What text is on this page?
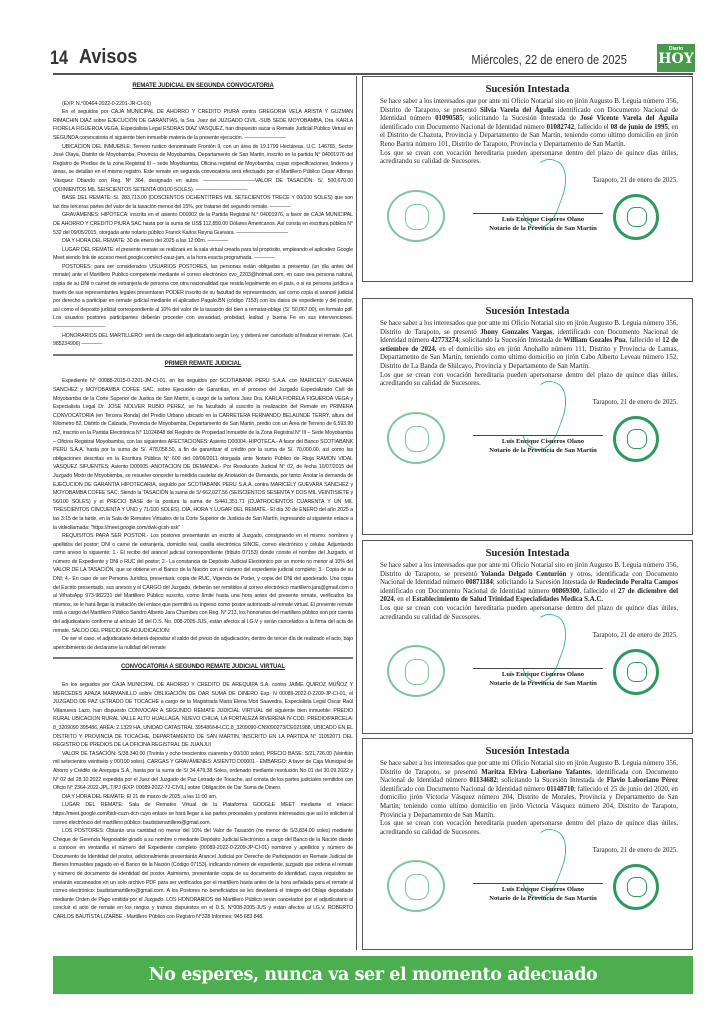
14 Avisos	Miércoles, 22 de enero de 2025
Diario
HOY
REMATE JUDICIAL EN SEGUNDA CONVOCATORIA

(EXP. N.°00464-2022-0-2201-JR-CI-01)

En el seguidos por CAJA MUNICIPAL DE AHORRO Y CREDITO PIURA contra GREGORIA VELA ARISTA Y GUZMAN RIMACHIN DIAZ sobre EJECUCIÓN DE GARANTÍAS, la Sra. Juez del JUZGADO CIVIL -SUB SEDE MOYOBAMBA, Dra. KARLA FIORELA FIGUEROA VEGA, Especialista Legal ESDRAS DIAZ VASQUEZ, han dispuesto sacar a Remate Judicial Público Virtual en SEGUNDA convocatoria el siguiente bien inmueble materia de la presente ejecución. ————————

UBICACION DEL INMUEBLE: Terreno rustico denominado Frontón II, con un área de 19.1799 Hectáreas, U.C. 146765, Sector José Olaya, Distrito de Moyobamba, Provincia de Moyobamba, Departamento de San Martín, inscrito en la partida N° 04001976 del Registro de Predios de la zona Registral III – sede Moyobamba, Oficina registral de Moyobamba, cuyas especificaciones, linderos y áreas, se detallan en el mismo registro. Este remate en segunda convocatoria será efectuado por el Martillero Público Cesar Alfonso Vásquez Obando con Reg. Nº 364, designado en autos. ——————————VALOR DE TASACIÓN: S/. 500,670.00 (QUINIENTOS MIL SEISCIENTOS SETENTA 00/100 SOLES). ——————————

BASE DEL REMATE: S/. 283,713.00 (DOSCIENTOS OCHENTITRES MIL SETECIENTOS TRECE Y 00/100 SOLES) que son las dos terceras partes del valor de la tasación menos del 15%, por tratarse del segundo remate. ————

GRAVÁMENES: HIPOTECA: inscrita en el asiento D00002 de la Partida Registral N.° 04001976, a favor de CAJA MUNICIPAL DE AHORRO Y CREDITO PIURA SAC hasta por la suma de US$ 112,850.00 Dólares Americanos. Así consta en escritura pública N° 532 del 09/05/2015, otorgada ante notario público Franck Karlos Reyna Guevara. ——————————

DIA Y HORA DEL REMATE: 30 de enero del 2025 a las 12:00m. ————

LUGAR DEL REMATE: el presente remate se realizará en la sala virtual creada para tal propósito, empleando el aplicativo Google Meet siendo link de acceso meet.google.com/ecf-zauz-jam, a la hora exacta programada. ————

POSTORES: para ser considerados USUARIOS POSTORES, las personas están obligadas a presentar (un día antes del remate) ante el Martillero Publico competente mediante el correo electrónico cvo_2203@hotmail.com, en caso sea persona natural, copia de su DNI o carnet de extranjería de persona con otra nacionalidad que resida legalmente en el país, o si es persona jurídica a través de sus representantes legales presentaran PODER inscrito de su facultad de representación, así como copia el arancel judicial por derecho a participar en remate judicial mediante el aplicativo Pagalo.BN (código 7153) con los datos de expediente y del postor, así como el deposito judicial correspondiente al 10% del valor de la tasación del bien a rematar-oblaje (S/. 50,067.00), en formato pdf. Los usuarios postores participantes deberán proceder con veracidad, probidad, lealtad y buena Fe en sus intervenciones. ——————————

HONORARIOS DEL MARTILLERO: será de cargo del adjudicatario según Ley, y deberá ser cancelado al finalizar el remate. (Cel. 985234906) ————

PRIMER REMATE JUDICIAL

Expediente N° 00088-2015-0-2201-JM-CI-01, en los seguidos por SCOTIABANK PERU S.A.A. con MARICELY GUEVARA SANCHEZ y MOYOBAMBA COFEE SAC, sobre Ejecución de Garantías, en el proceso del Juzgado Especializado Civil de Moyobamba de la Corte Superior de Justica de San Martín, a cargo de la señora Juez Dra. KARLA FIORELA FIGUEROA VEGA y Especialista Legal Dr. JOSE NOLVER RUBIO PEREZ, se ha facultado al suscrito la realización del Remate en PRIMERA CONVOCATORIA (en Tercera Ronda) del Predio Urbano ubicado en la CARRETERA FERNANDO BELAUNDE TERRY, altura del Kilometro 82, Distrito de Calzada, Provincia de Moyobamba, Departamento de San Martín, predio con un Área de Terreno de 6,593.90 m2, inscrito en la Partida Electrónica N° 11024848 del Registro de Propiedad Inmueble de la Zona Registral N° III – Sede Moyobamba – Oficina Registral Moyobamba, con las siguientes AFECTACIONES: Asiento D00004.-HIPOTECA.- A favor del Banco SCOTIABANK PERU S.A.A. hasta por la suma de S/. 478,058.50, a fin de garantizar el crédito por la suma de S/. 70,000.00, así como las obligaciones descritas en la Escritura Pública N° 600 del 09/06/2011 otorgada ante Notario Público de Rioja RAMON VIDAL VASQUEZ SIFUENTES; Asiento D00005.-ANOTACION DE DEMANDA.- Por Resolución Judicial N° 02, de fecha 10/07/2015 del Juzgado Mixto de Moyobamba, se resuelve conceder la medida cautelar de Anotación de Demanda, por tanto: Anotar la demanda de EJECUCION DE GARANTIA HIPOTECARIA, seguido por SCOTIABANK PERU S.A.A. contra MARICELY GUEVARA SANCHEZ y MOYOBAMBA COFEE SAC. Siendo la TASACIÓN la suma de S/ 662,027.56 (SEISCIENTOS SESENTA Y DOS MIL VEINTISIETE y 56/100 SOLES) y el PRECIO BASE de la postura la suma de S/441,351.71 (CUATROCIENTOS CUARENTA Y UN MIL TRESCIENTOS CINCUENTA Y UNO y 71/100 SOLES). DIA, HORA Y LUGAR DEL REMATE.- El día 30 de ENERO del año 2025 a las 3:15 de la tarde, en la Sala de Remates Virtuales de la Corte Superior de Justicia de San Martín, ingresando al siguiente enlace a la videollamada: "https://meet.google.com/dwk-gcsh-ssk"

REQUISITOS PARA SER POSTOR.- Los postores presentarán un escrito al Juzgado, consignando en el mismo: nombres y apellidos del postor; DNI o carne de extranjería, domicilio real, casilla electrónica SINOE, correo electrónico y celular. Adjuntando como anexo lo siguiente: 1.- El recibo del arancel judicial correspondiente (tributo 07153) donde conste el nombre del Juzgado, el número de Expediente y DNI o RUC del postor; 2.- La constancia de Depósito Judicial Electrónico por un monto no menor al 10% del VALOR DE LA TASACIÓN, que se obtiene en el Banco de la Nación con el número del expediente judicial completo; 3.- Copia de su DNI; 4.- En caso de ser Persona Jurídica, presentará: copia de RUC, Vigencia de Poder, y copia del DNI del apoderado. Una copia del Escrito presentado, sus anexos y el CARGO del Juzgado, deberán ser remitidos al correo electrónico martillero.jara@gmail.com o al WhatsApp 973-982231 del Martillero Público suscrito, como límite hasta una hora antes del presente remate, verificados los mismos, se le hará llegar la invitación del enlace que permitirá su ingreso como postor autorizado al remate virtual. El presente remate está a cargo del Martillero Público Sandro Alberto Jara Chumbes con Reg. N° 213, los honorarios del martillero público son por cuenta del adjudicatario conforme al artículo 18 del D.S. No. 008-2005-JUS, están afectos al I.G.V y serán cancelados a la firma del acta de remate. SALDO DEL PRECIO DE ADJUDICACION:

De ser el caso, el adjudicatario deberá depositar el saldo del precio de adjudicación, dentro de tercer día de realizado el acto, bajo apercibimiento de declararse la nulidad del remate

CONVOCATORIA A SEGUNDO REMATE JUDICIAL VIRTUAL

En los seguidos por CAJA MUNICIPAL DE AHORRO Y CREDITO DE AREQUIPA S.A. contra JAIME QUIROZ MUÑOZ Y MERCEDES APAZA MARMANILLO sobre OBLIGACIÓN DE DAR SUMA DE DINERO Exp. N 00089-2022-0-2209-JP-CI-01, el JUZGADO DE PAZ LETRADO DE TOCACHE a cargo de la Magistrada Maria Elena Mori Saavedra, Especialista Legal Oscar Raúl Villanueva Lazo, han dispuesto CONVOCAR A SEGUNDO REMATE JUDICIAL VIRTUAL del siguiente bien inmueble: PREDIO RURAL UBICACION RURAL VALLE ALTO HUALLAGA, NUEVO CHILIA, LA FORTALEZA RIVERENA IV-COD. PREDIO/PARCELA: 8_3209090 395486, AREA: 2.1329 HA, UNIDAD CATASTRAL 395486/HH.CC.8_3209090-CN9090273/CE021988, UBICADO EN EL DISTRITO Y PROVINCIA DE TOCACHE, DEPARTAMENTO DE SAN MARTIN, INSCRITO EN LA PARTIDA N° 11052071 DEL REGISTRO DE PREDIOS DE LA OFICINA REGISTRAL DE JUANJUI

VALOR DE TASACIÓN: S/38,340.00 (Treinta y ocho trescientos cuarenta y 00/100 soles). PRECIO BASE: S/21,726.00 (Veintiún mil setecientos veintiséis y 00/100 soles). CARGAS Y GRAVÁMENES: ASIENTO D00001 - EMBARGO: A favor de Caja Municipal de Ahorro y Crédito de Arequipa S.A., hasta por la suma de S/ 34,479.38 Soles, ordenado mediante resolución No 01 del 30.09.2022 y N° 02 del 28.10.2022 expedida por el Juez del Juzgado de Paz Letrado de Tocache, así consta de los partes judiciales remitidos con Oficio N° 2364-2022-JPL.T/PJ (EXP. 00089-2022-72-CIVIL) sobre Obligación de Dar Suma de Dinero.

DIA Y HORA DEL REMATE: El 21 de marzo de 2025, a las 11:00 am.

LUGAR DEL REMATE: Sala de Remates Virtual de la Plataforma GOOGLE MEET mediante el enlace: https://meet.google.com/bidr-cuzn-dcn cuyo enlace se hará llegar a las partes procesales y postores interesados que así lo soliciten al correo electrónico del martillero público: bautistamartillero@gmail.com.

LOS POSTORES: Oblarán una cantidad no menor del 10% del Valor de Tasación (no menor de S/3,834.00 soles) mediante Cheque de Gerencia Negociable girado a su nombre o mediante Depósito Judicial Electrónico a cargo del Banco de la Nación dando a conocer en ventanilla el número del Expediente completo (00089-2022-0-2209-JP-CI-01) nombres y apellidos y número de Documento de Identidad del postor, adicionalmente presentarán Arancel Judicial por Derecho de Participación en Remate Judicial de Bienes Inmuebles pagado en el Banco de la Nación (Código 07153), indicando número de expediente, juzgado que ordena el remate y número de documento de identidad del postor. Asimismo, presentarán copia de su documento de identidad, cuyos requisitos se enviarán escaneados en un solo archivo PDF para ser verificados por el martillero hasta antes de la hora señalada para el remate al correo electrónico: bautistamartillero@gmail.com. A los Postores no beneficiados se les devolverá el íntegro del Oblaje depositado mediante Orden de Pago emitida por el Juzgado. LOS HONORARIOS del Martillero Público serán cancelados por el adjudicatario al concluir el acto de remate en los rangos y tramos dispuestos en el D.S. N°008-2005-JUS y están afectos al I.G.V. ROBERTO CARLOS BAUTISTA LIZARBE - Martillero Público con Registro N°328 Informes: 945 683 848.

Sucesión Intestada

Se hace saber a los interesados que por ante mi Oficio Notarial sito en jirón Augusto B. Leguía número 356, Distrito de Tarapoto, se presentó Silvia Varela del Águila identificado con Documento Nacional de Identidad número 01090585; solicitando la Sucesión Intestada de José Vicente Varela del Águila identificado con Documento Nacional de Identidad número 01082742, fallecido el 08 de junio de 1995, en el Distrito de Chazuta, Provincia y Departamento de San Martín, teniendo como ultimo domicilio en jirón Reno Bartra número 101, Distrito de Tarapoto, Provincia y Departamento de San Martín.

Los que se crean con vocación hereditaria pueden apersonarse dentro del plazo de quince días útiles, acreditando su calidad de Sucesores.

Tarapoto, 21 de enero de 2025.
Luis Enrique Cisneros Olano
Notario de la Provincia de San Martín
Sucesión Intestada

Se hace saber a los interesados que por ante mi Oficio Notarial sito en jirón Augusto B. Leguía número 356, Distrito de Tarapoto, se presentó Jhony Gonzales Vargas, identificado con Documento Nacional de Identidad número 42773274; solicitando la Sucesión Intestada de William Gozales Pua, fallecido el 12 de setiembre de 2024, en el domicilio sito en jirón Anohallo número 111, Distrito y Provincia de Lamas, Departamento de San Martín, teniendo como ultimo domicilio en jirón Cabo Alberto Leveau número 152, Distrito de La Banda de Shilcayo, Provincia y Departamento de San Martín.

Los que se crean con vocación hereditaria pueden apersonarse dentro del plazo de quince días útiles, acreditando su calidad de Sucesores.

Tarapoto, 21 de enero de 2025.
Luis Enrique Cisneros Olano
Notario de la Provincia de San Martín
Sucesión Intestada

Se hace saber a los interesados que por ante mi Oficio Notarial sito en jirón Augusto B. Leguía número 356, Distrito de Tarapoto, se presentó Yolanda Delgado Centurión y otros, identificada con Documento Nacional de Identidad número 00871184; solicitando la Sucesión Intestada de Rudecindo Peralta Campos identificado con Documento Nacional de Identidad número 00869300, fallecido el 27 de diciembre del 2024, en el Establecimiento de Salud Trinidad Especialidades Medica S.A.C.

Los que se crean con vocación hereditaria pueden apersonarse dentro del plazo de quince días útiles, acreditando su calidad de Sucesores.

Tarapoto, 21 de enero de 2025.
Luis Enrique Cisneros Olano
Notario de la Provincia de San Martín
Sucesión Intestada

Se hace saber a los interesados que por ante mi Oficio Notarial sito en jirón Augusto B. Leguía número 356, Distrito de Tarapoto, se presentó Maritza Elvira Laboriano Yafantes, identificada con Documento Nacional de Identidad número 01134682; solicitando la Sucesión Intestada de Flavio Laboriano Pérez identificado con Documento Nacional de Identidad número 01148710; fallecido el 25 de junio del 2020, en domicilio jirón Victoria Vásquez número 204, Distrito de Morales, Provincia y Departamento de San Martín; teniendo como ultimo domicilio en jirón Victoria Vásquez número 204, Distrito de Tarapoto, Provincia y Departamento de San Martín.

Los que se crean con vocación hereditaria pueden apersonarse dentro del plazo de quince días útiles, acreditando su calidad de Sucesores.

Tarapoto, 21 de enero de 2025.
Luis Enrique Cisneros Olano
Notario de la Provincia de San Martín
No esperes, nunca va ser el momento adecuado
